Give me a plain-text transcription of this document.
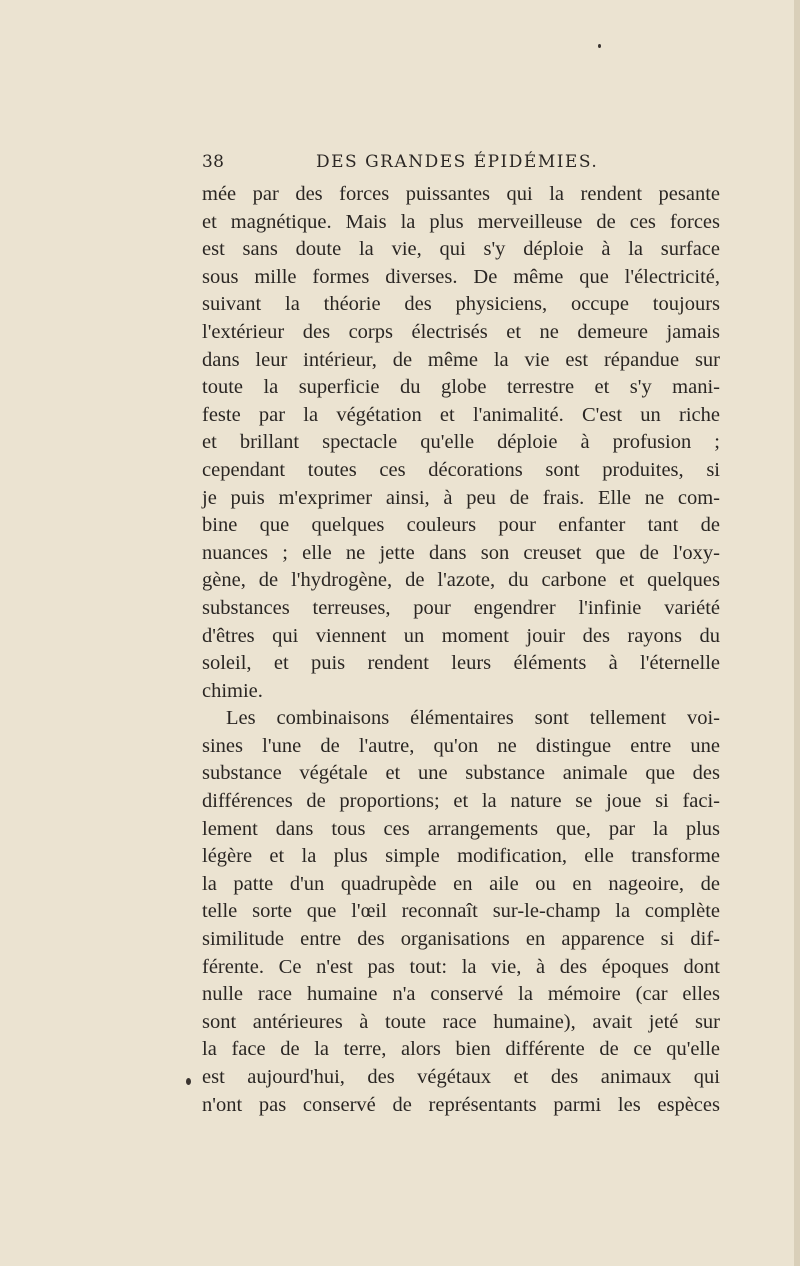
38	DES GRANDES ÉPIDÉMIES.
mée par des forces puissantes qui la rendent pesante
et magnétique. Mais la plus merveilleuse de ces forces
est sans doute la vie, qui s'y déploie à la surface
sous mille formes diverses. De même que l'électricité,
suivant la théorie des physiciens, occupe toujours
l'extérieur des corps électrisés et ne demeure jamais
dans leur intérieur, de même la vie est répandue sur
toute la superficie du globe terrestre et s'y mani-
feste par la végétation et l'animalité. C'est un riche
et brillant spectacle qu'elle déploie à profusion ;
cependant toutes ces décorations sont produites, si
je puis m'exprimer ainsi, à peu de frais. Elle ne com-
bine que quelques couleurs pour enfanter tant de
nuances ; elle ne jette dans son creuset que de l'oxy-
gène, de l'hydrogène, de l'azote, du carbone et quelques
substances terreuses, pour engendrer l'infinie variété
d'êtres qui viennent un moment jouir des rayons du
soleil, et puis rendent leurs éléments à l'éternelle
chimie.
Les combinaisons élémentaires sont tellement voi-
sines l'une de l'autre, qu'on ne distingue entre une
substance végétale et une substance animale que des
différences de proportions; et la nature se joue si faci-
lement dans tous ces arrangements que, par la plus
légère et la plus simple modification, elle transforme
la patte d'un quadrupède en aile ou en nageoire, de
telle sorte que l'œil reconnaît sur-le-champ la complète
similitude entre des organisations en apparence si dif-
férente. Ce n'est pas tout: la vie, à des époques dont
nulle race humaine n'a conservé la mémoire (car elles
sont antérieures à toute race humaine), avait jeté sur
la face de la terre, alors bien différente de ce qu'elle
est aujourd'hui, des végétaux et des animaux qui
n'ont pas conservé de représentants parmi les espèces
